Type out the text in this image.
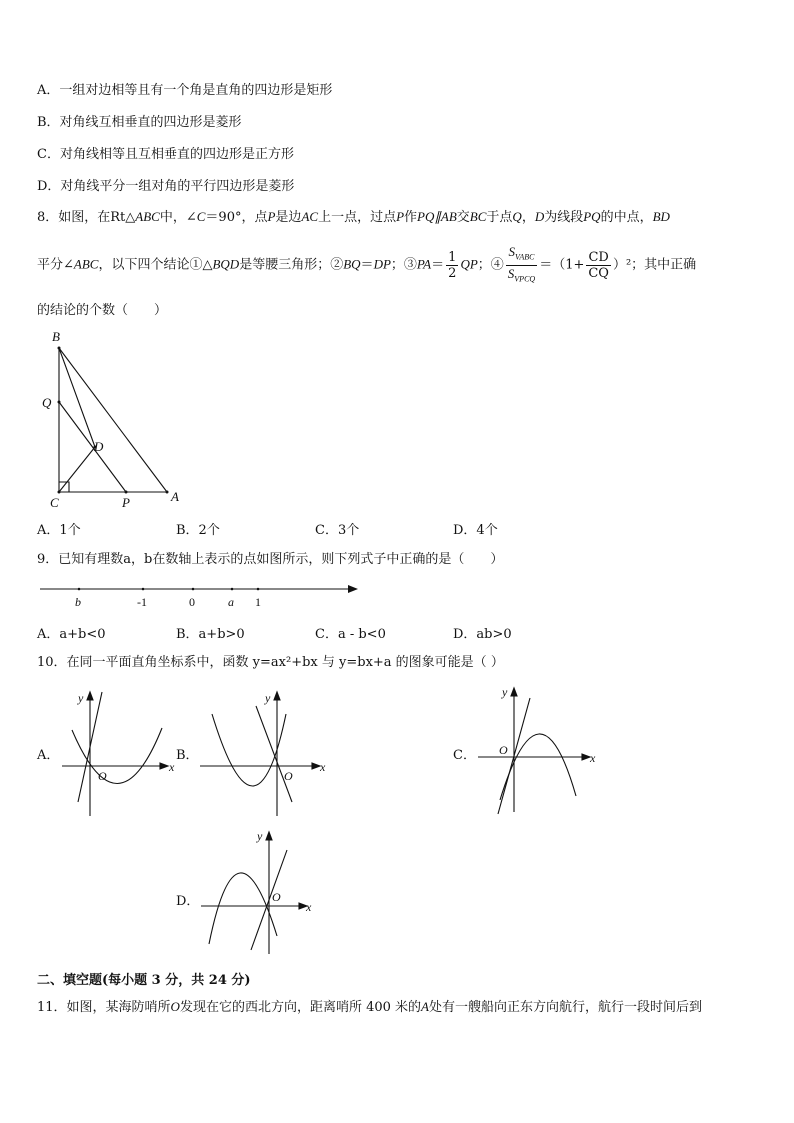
A．一组对边相等且有一个角是直角的四边形是矩形
B．对角线互相垂直的四边形是菱形
C．对角线相等且互相垂直的四边形是正方形
D．对角线平分一组对角的平行四边形是菱形
8．如图，在Rt△ABC中，∠C＝90°，点P是边AC上一点，过点P作PQ∥AB交BC于点Q，D为线段PQ的中点，BD
平分∠ABC，以下四个结论①△BQD是等腰三角形；②BQ＝DP；③PA＝ $\frac{1}{2}$ QP；④ $\frac{S_{VABC}}{S_{VPCQ}} =(1+ \frac{CD}{CQ} )^2$；其中正确
的结论的个数（　　）
B
Q
D
C	P	A
A．1个	B．2个	C．3个	D．4个
9．已知有理数a，b在数轴上表示的点如图所示，则下列式子中正确的是（　　）
b	-1	0	a 1
A．a+b<0	B．a+b>0	C．a - b<0	D．ab>0
10．在同一平面直角坐标系中，函数 y=ax²+bx 与 y=bx+a 的图象可能是（ ）
A．
x
y
O
B．
x
y
O
C．	x
y
O
D．	x
y
O
二、填空题(每小题 3 分，共 24 分)
11．如图，某海防哨所O发现在它的西北方向，距离哨所 400 米的A处有一艘船向正东方向航行，航行一段时间后到
